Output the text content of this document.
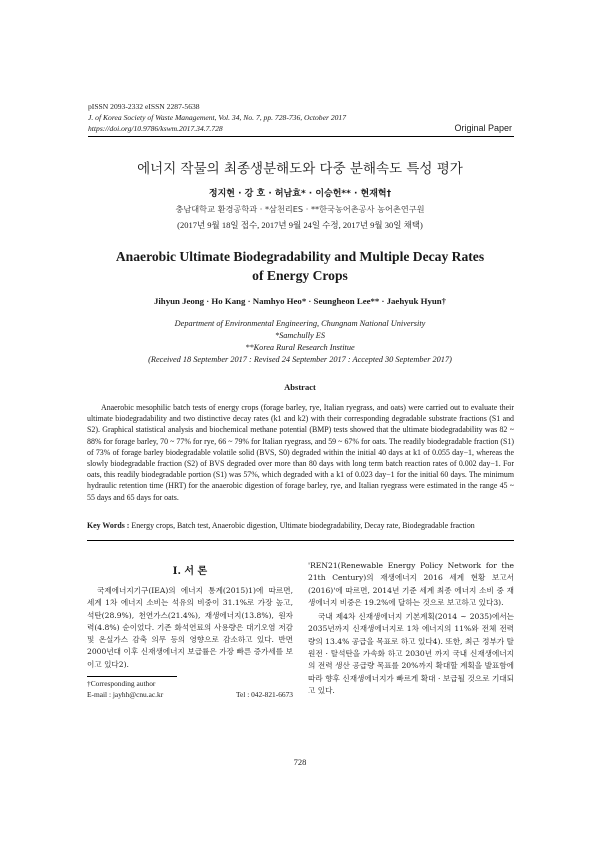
pISSN 2093-2332 eISSN 2287-5638
J. of Korea Society of Waste Management, Vol. 34, No. 7, pp. 728-736, October 2017
https://doi.org/10.9786/kswm.2017.34.7.728	Original Paper
에너지 작물의 최종생분해도와 다중 분해속도 특성 평가
정지현 · 강 호 · 허남효* · 이승헌** · 현재혁†
충남대학교 환경공학과 · *삼천리ES · **한국농어촌공사 농어촌연구원
(2017년 9월 18일 접수, 2017년 9월 24일 수정, 2017년 9월 30일 채택)
Anaerobic Ultimate Biodegradability and Multiple Decay Rates
of Energy Crops
Jihyun Jeong · Ho Kang · Namhyo Heo* · Seungheon Lee** · Jaehyuk Hyun†
Department of Environmental Engineering, Chungnam National University
*Samchully ES
**Korea Rural Research Institue
(Received 18 September 2017 : Revised 24 September 2017 : Accepted 30 September 2017)
Abstract
Anaerobic mesophilic batch tests of energy crops (forage barley, rye, Italian ryegrass, and oats) were carried out to evaluate their ultimate biodegradability and two distinctive decay rates (k1 and k2) with their corresponding degradable substrate fractions (S1 and S2). Graphical statistical analysis and biochemical methane potential (BMP) tests showed that the ultimate biodegradability was 82 ~ 88% for forage barley, 70 ~ 77% for rye, 66 ~ 79% for Italian ryegrass, and 59 ~ 67% for oats. The readily biodegradable fraction (S1) of 73% of forage barley biodegradable volatile solid (BVS, S0) degraded within the initial 40 days at k1 of 0.055 day−1, whereas the slowly biodegradable fraction (S2) of BVS degraded over more than 80 days with long term batch reaction rates of 0.002 day−1. For oats, this readily biodegradable portion (S1) was 57%, which degraded with a k1 of 0.023 day−1 for the initial 60 days. The minimum hydraulic retention time (HRT) for the anaerobic digestion of forage barley, rye, and Italian ryegrass were estimated in the range 45 ~ 55 days and 65 days for oats.
Key Words : Energy crops, Batch test, Anaerobic digestion, Ultimate biodegradability, Decay rate, Biodegradable fraction
I. 서 론
국제에너지기구(IEA)의 에너지 통계(2015)1)에 따르면, 세계 1차 에너지 소비는 석유의 비중이 31.1%로 가장 높고, 석탄(28.9%), 천연가스(21.4%), 재생에너지(13.8%), 원자력(4.8%) 순이었다. 기존 화석연료의 사용량은 대기오염 저감 및 온실가스 감축 의무 등의 영향으로 감소하고 있다. 반면 2000년대 이후 신재생에너지 보급률은 가장 빠른 증가세를 보이고 있다2).

'REN21(Renewable Energy Policy Network for the 21th Century)의 재생에너지 2016 세계 현황 보고서(2016)'에 따르면, 2014년 기준 세계 최종 에너지 소비 중 재생에너지 비중은 19.2%에 달하는 것으로 보고하고 있다3).

국내 제4차 신재생에너지 기본계획(2014 ~ 2035)에서는 2035년까지 신재생에너지로 1차 에너지의 11%와 전체 전력량의 13.4% 공급을 목표로 하고 있다4). 또한, 최근 정부가 탈원전 · 탈석탄을 가속화 하고 2030년 까지 국내 신재생에너지의 전력 생산 공급량 목표를 20%까지 확대할 계획을 발표함에 따라 향후 신재생에너지가 빠르게 확대 · 보급될 것으로 기대되고 있다.

†Corresponding author
E-mail : jayhh@cnu.ac.kr	Tel : 042-821-6673
728
